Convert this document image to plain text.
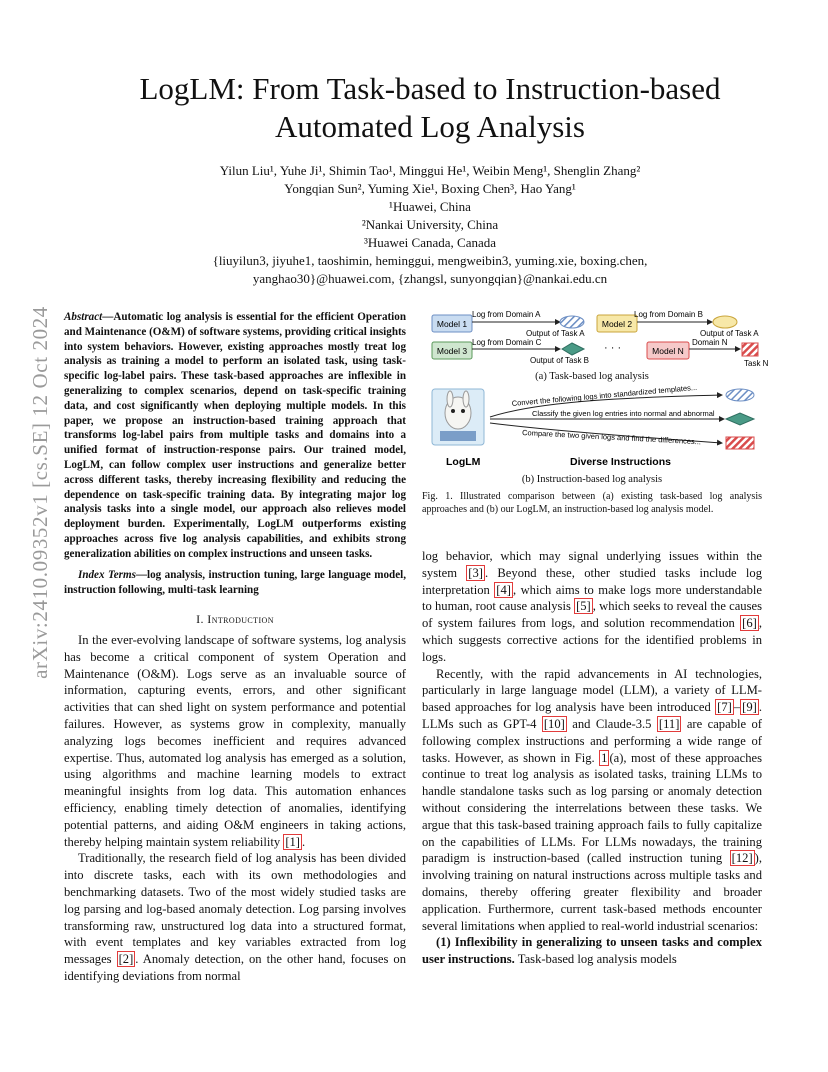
arXiv:2410.09352v1 [cs.SE] 12 Oct 2024
LogLM: From Task-based to Instruction-based
Automated Log Analysis
Yilun Liu¹, Yuhe Ji¹, Shimin Tao¹, Minggui He¹, Weibin Meng¹, Shenglin Zhang²
Yongqian Sun², Yuming Xie¹, Boxing Chen³, Hao Yang¹
¹Huawei, China
²Nankai University, China
³Huawei Canada, Canada
{liuyilun3, jiyuhe1, taoshimin, heminggui, mengweibin3, yuming.xie, boxing.chen,
yanghao30}@huawei.com, {zhangsl, sunyongqian}@nankai.edu.cn

Abstract—Automatic log analysis is essential for the efficient Operation and Maintenance (O&M) of software systems, providing critical insights into system behaviors. However, existing approaches mostly treat log analysis as training a model to perform an isolated task, using task-specific log-label pairs. These task-based approaches are inflexible in generalizing to complex scenarios, depend on task-specific training data, and cost significantly when deploying multiple models. In this paper, we propose an instruction-based training approach that transforms log-label pairs from multiple tasks and domains into a unified format of instruction-response pairs. Our trained model, LogLM, can follow complex user instructions and generalize better across different tasks, thereby increasing flexibility and reducing the dependence on task-specific training data. By integrating major log analysis tasks into a single model, our approach also relieves model deployment burden. Experimentally, LogLM outperforms existing approaches across five log analysis capabilities, and exhibits strong generalization abilities on complex instructions and unseen tasks.

Index Terms—log analysis, instruction tuning, large language model, instruction following, multi-task learning

I. Introduction

In the ever-evolving landscape of software systems, log analysis has become a critical component of system Operation and Maintenance (O&M). Logs serve as an invaluable source of information, capturing events, errors, and other significant activities that can shed light on system performance and potential failures. However, as systems grow in complexity, manually analyzing logs becomes inefficient and requires advanced expertise. Thus, automated log analysis has emerged as a solution, using algorithms and machine learning models to extract meaningful insights from log data. This automation enhances efficiency, enabling timely detection of anomalies, identifying potential patterns, and aiding O&M engineers in taking actions, thereby helping maintain system reliability [1] .

Traditionally, the research field of log analysis has been divided into discrete tasks, each with its own methodologies and benchmarking datasets. Two of the most widely studied tasks are log parsing and log-based anomaly detection. Log parsing involves transforming raw, unstructured log data into a structured format, with event templates and key variables extracted from log messages [2] . Anomaly detection, on the other hand, focuses on identifying deviations from normal

Model 1
Log from Domain A
Output of Task A
Model 2
Log from Domain B
Output of Task A
Model 3
Log from Domain C
Output of Task B
· · ·	Model N
Domain N
Task N
Convert the following logs into standardized templates...
Classify the given log entries into normal and abnormal
Compare the two given logs and find the differences...
LogLM	Diverse Instructions
(a) Task-based log analysis
(b) Instruction-based log analysis
Fig. 1. Illustrated comparison between (a) existing task-based log analysis approaches and (b) our LogLM, an instruction-based log analysis model.

log behavior, which may signal underlying issues within the system [3] . Beyond these, other studied tasks include log interpretation [4] , which aims to make logs more understandable to human, root cause analysis [5] , which seeks to reveal the causes of system failures from logs, and solution recommendation [6] , which suggests corrective actions for the identified problems in logs.

Recently, with the rapid advancements in AI technologies, particularly in large language model (LLM), a variety of LLM-based approaches for log analysis have been introduced [7] – [9] . LLMs such as GPT-4 [10] and Claude-3.5 [11] are capable of following complex instructions and performing a wide range of tasks. However, as shown in Fig. 1 (a), most of these approaches continue to treat log analysis as isolated tasks, training LLMs to handle standalone tasks such as log parsing or anomaly detection without considering the interrelations between these tasks. We argue that this task-based training approach fails to fully capitalize on the capabilities of LLMs. For LLMs nowadays, the training paradigm is instruction-based (called instruction tuning [12] ), involving training on natural instructions across multiple tasks and domains, thereby offering greater flexibility and broader application. Furthermore, current task-based methods encounter several limitations when applied to real-world industrial scenarios:

(1) Inflexibility in generalizing to unseen tasks and complex user instructions. Task-based log analysis models
